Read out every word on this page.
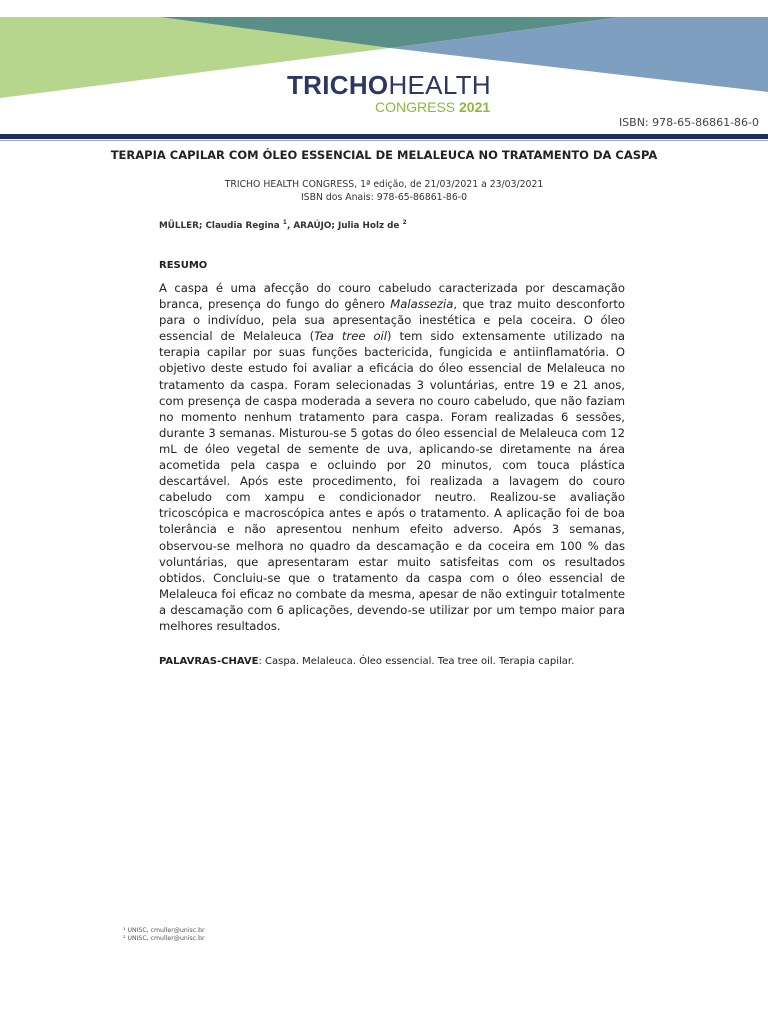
TRICHOHEALTH
CONGRESS 2021
ISBN: 978-65-86861-86-0
TERAPIA CAPILAR COM ÓLEO ESSENCIAL DE MELALEUCA NO TRATAMENTO DA CASPA
TRICHO HEALTH CONGRESS, 1ª edição, de 21/03/2021 a 23/03/2021
ISBN dos Anais: 978-65-86861-86-0
MÜLLER; Claudia Regina $^1$, ARAÚJO; Julia Holz de $^2$
RESUMO
A caspa é uma afecção do couro cabeludo caracterizada por descamação branca, presença do fungo do gênero Malassezia, que traz muito desconforto para o indivíduo, pela sua apresentação inestética e pela coceira. O óleo essencial de Melaleuca (Tea tree oil) tem sido extensamente utilizado na terapia capilar por suas funções bactericida, fungicida e antiinflamatória. O objetivo deste estudo foi avaliar a eficácia do óleo essencial de Melaleuca no tratamento da caspa. Foram selecionadas 3 voluntárias, entre 19 e 21 anos, com presença de caspa moderada a severa no couro cabeludo, que não faziam no momento nenhum tratamento para caspa. Foram realizadas 6 sessões, durante 3 semanas. Misturou-se 5 gotas do óleo essencial de Melaleuca com 12 mL de óleo vegetal de semente de uva, aplicando-se diretamente na área acometida pela caspa e ocluindo por 20 minutos, com touca plástica descartável. Após este procedimento, foi realizada a lavagem do couro cabeludo com xampu e condicionador neutro. Realizou-se avaliação tricoscópica e macroscópica antes e após o tratamento. A aplicação foi de boa tolerância e não apresentou nenhum efeito adverso. Após 3 semanas, observou-se melhora no quadro da descamação e da coceira em 100 % das voluntárias, que apresentaram estar muito satisfeitas com os resultados obtidos. Concluiu-se que o tratamento da caspa com o óleo essencial de Melaleuca foi eficaz no combate da mesma, apesar de não extinguir totalmente a descamação com 6 aplicações, devendo-se utilizar por um tempo maior para melhores resultados.
PALAVRAS-CHAVE: Caspa. Melaleuca. Óleo essencial. Tea tree oil. Terapia capilar.
¹ UNISC, cmuller@unisc.br
² UNISC, cmuller@unisc.br
